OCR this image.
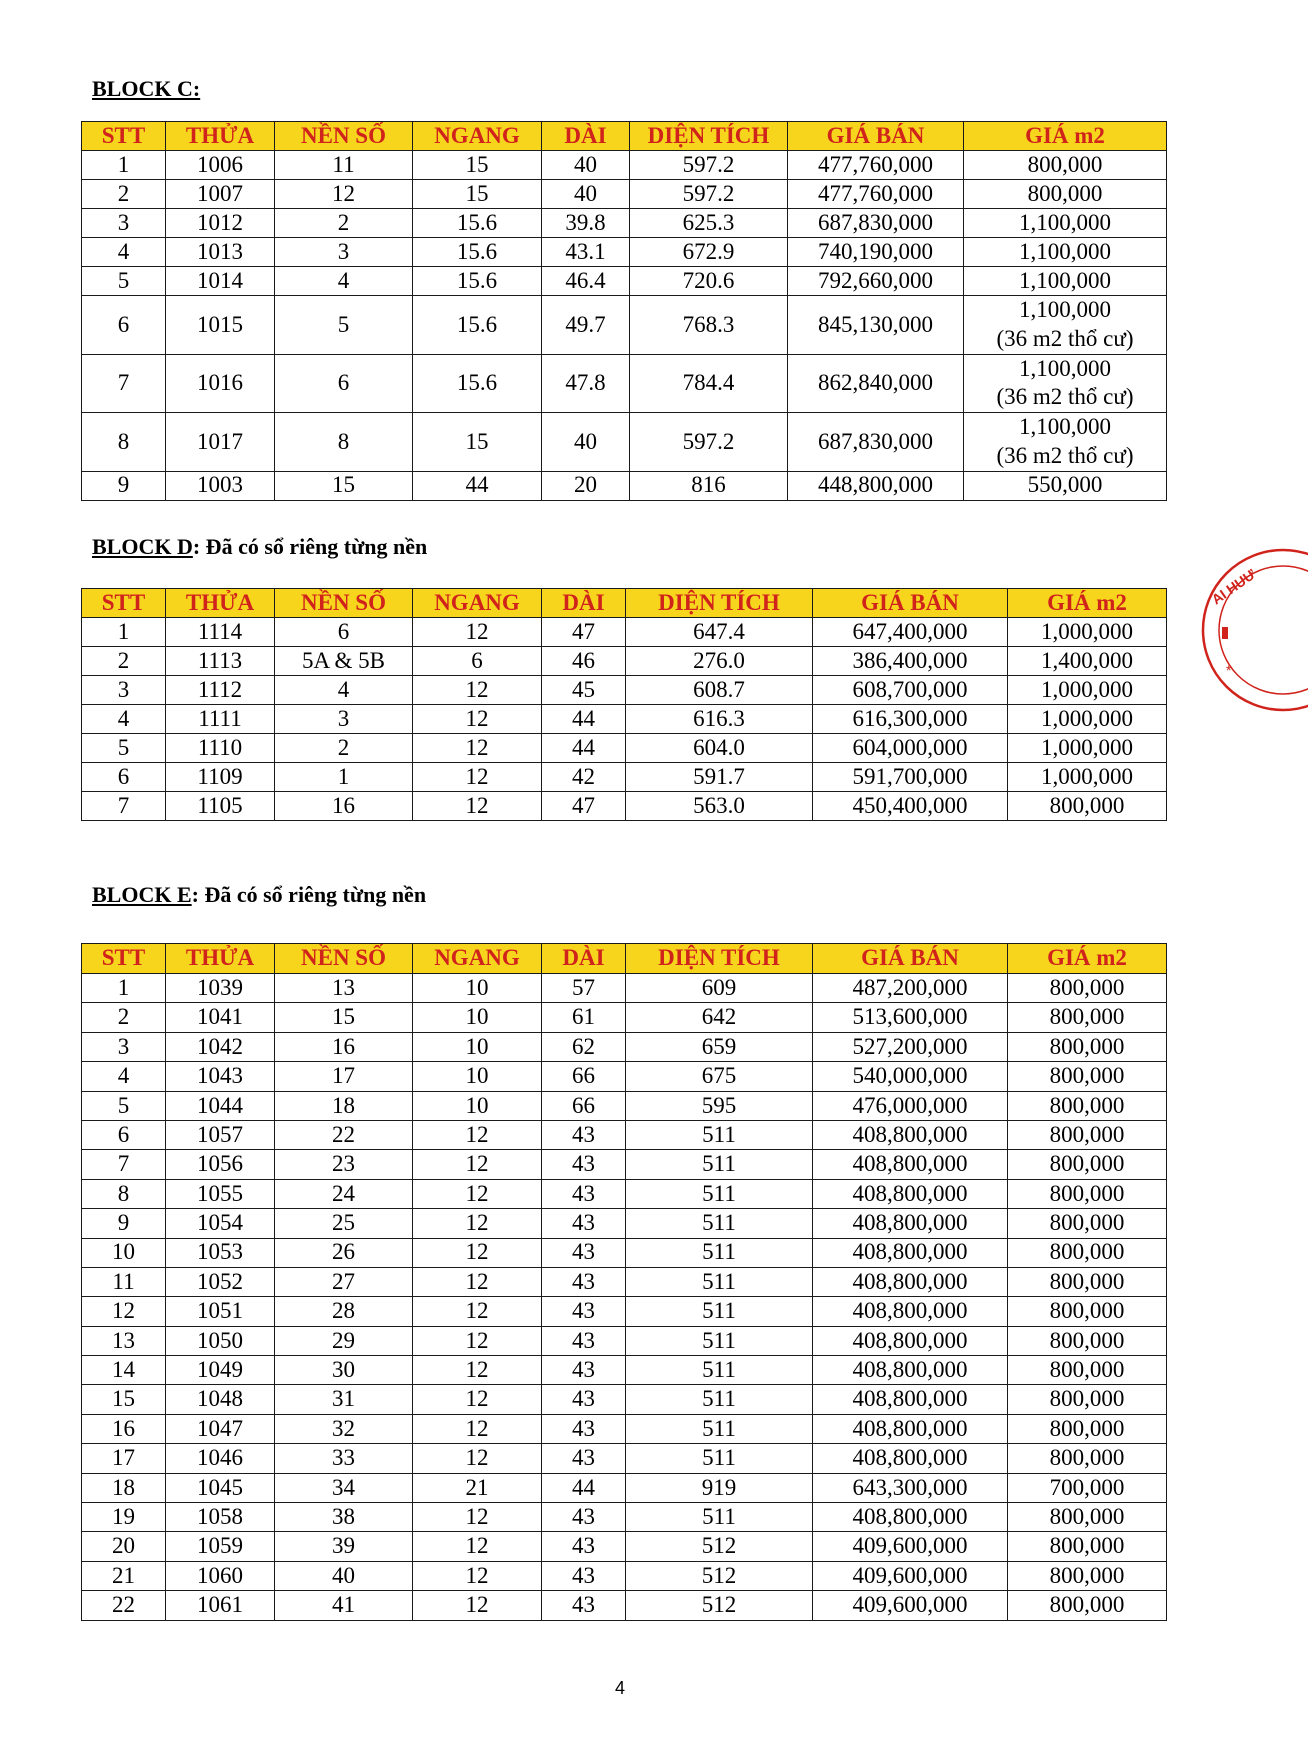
BLOCK C:
STT	THỬA	NỀN SỐ	NGANG	DÀI	DIỆN TÍCH	GIÁ BÁN	GIÁ m2
1	1006	11	15	40	597.2	477,760,000	800,000
2	1007	12	15	40	597.2	477,760,000	800,000
3	1012	2	15.6	39.8	625.3	687,830,000	1,100,000
4	1013	3	15.6	43.1	672.9	740,190,000	1,100,000
5	1014	4	15.6	46.4	720.6	792,660,000	1,100,000
6	1015	5	15.6	49.7	768.3	845,130,000	1,100,000
(36 m2 thổ cư)

7	1016	6	15.6	47.8	784.4	862,840,000	1,100,000
(36 m2 thổ cư)

8	1017	8	15	40	597.2	687,830,000	1,100,000
(36 m2 thổ cư)

9	1003	15	44	20	816	448,800,000	550,000
BLOCK D: Đã có sổ riêng từng nền
STT	THỬA	NỀN SỐ	NGANG	DÀI	DIỆN TÍCH	GIÁ BÁN	GIÁ m2
1	1114	6	12	47	647.4	647,400,000	1,000,000
2	1113	5A & 5B	6	46	276.0	386,400,000	1,400,000
3	1112	4	12	45	608.7	608,700,000	1,000,000
4	1111	3	12	44	616.3	616,300,000	1,000,000
5	1110	2	12	44	604.0	604,000,000	1,000,000
6	1109	1	12	42	591.7	591,700,000	1,000,000
7	1105	16	12	47	563.0	450,400,000	800,000
BLOCK E: Đã có sổ riêng từng nền
STT	THỬA	NỀN SỐ	NGANG	DÀI	DIỆN TÍCH	GIÁ BÁN	GIÁ m2
1	1039	13	10	57	609	487,200,000	800,000
2	1041	15	10	61	642	513,600,000	800,000
3	1042	16	10	62	659	527,200,000	800,000
4	1043	17	10	66	675	540,000,000	800,000
5	1044	18	10	66	595	476,000,000	800,000
6	1057	22	12	43	511	408,800,000	800,000
7	1056	23	12	43	511	408,800,000	800,000
8	1055	24	12	43	511	408,800,000	800,000
9	1054	25	12	43	511	408,800,000	800,000
10	1053	26	12	43	511	408,800,000	800,000
11	1052	27	12	43	511	408,800,000	800,000
12	1051	28	12	43	511	408,800,000	800,000
13	1050	29	12	43	511	408,800,000	800,000
14	1049	30	12	43	511	408,800,000	800,000
15	1048	31	12	43	511	408,800,000	800,000
16	1047	32	12	43	511	408,800,000	800,000
17	1046	33	12	43	511	408,800,000	800,000
18	1045	34	21	44	919	643,300,000	700,000
19	1058	38	12	43	511	408,800,000	800,000
20	1059	39	12	43	512	409,600,000	800,000
21	1060	40	12	43	512	409,600,000	800,000
22	1061	41	12	43	512	409,600,000	800,000
AI HUƯ
*
4
